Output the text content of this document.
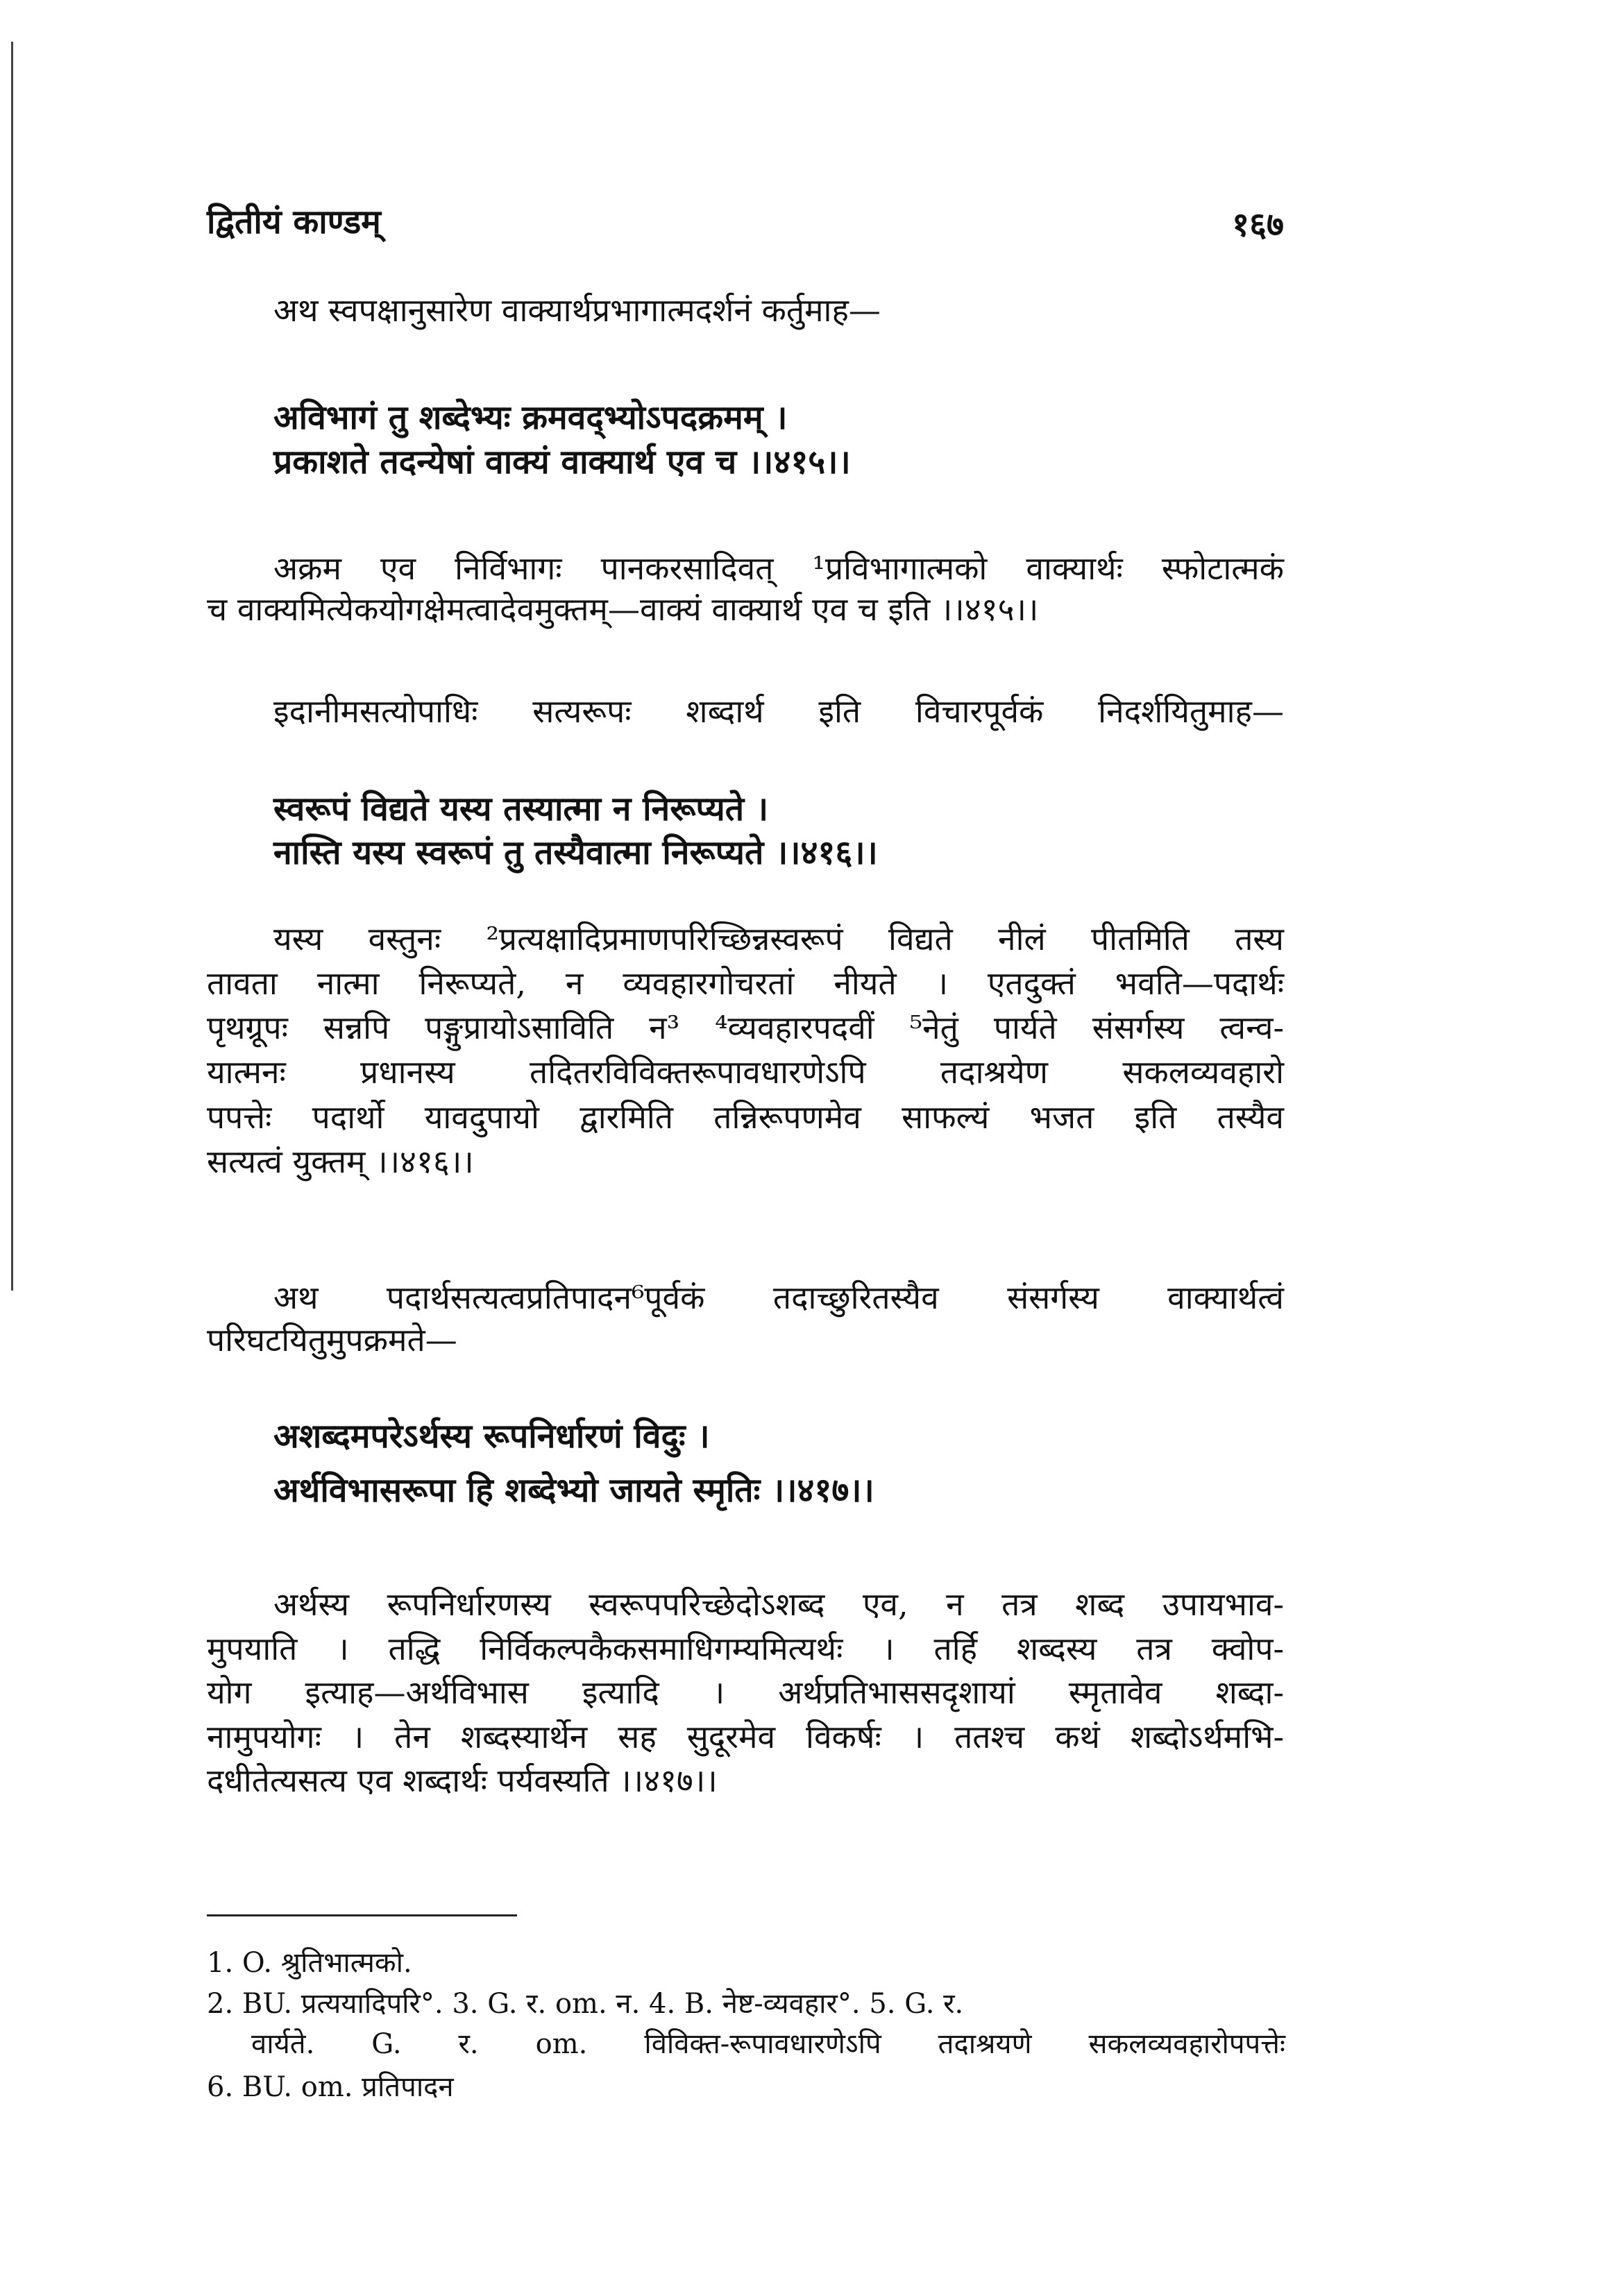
द्वितीयं काण्डम्	१६७
अथ स्वपक्षानुसारेण वाक्यार्थप्रभागात्मदर्शनं कर्तुमाह—
अविभागं तु शब्देभ्यः क्रमवद्भ्योऽपदक्रमम् ।
प्रकाशते तदन्येषां वाक्यं वाक्यार्थ एव च ।।४१५।।
अक्रम एव निर्विभागः पानकरसादिवत् ¹प्रविभागात्मको वाक्यार्थः स्फोटात्मकं
च वाक्यमित्येकयोगक्षेमत्वादेवमुक्तम्—वाक्यं वाक्यार्थ एव च इति ।।४१५।।
इदानीमसत्योपाधिः सत्यरूपः शब्दार्थ इति विचारपूर्वकं निदर्शयितुमाह—
स्वरूपं विद्यते यस्य तस्यात्मा न निरूप्यते ।
नास्ति यस्य स्वरूपं तु तस्यैवात्मा निरूप्यते ।।४१६।।
यस्य वस्तुनः ²प्रत्यक्षादिप्रमाणपरिच्छिन्नस्वरूपं विद्यते नीलं पीतमिति तस्य
तावता नात्मा निरूप्यते, न व्यवहारगोचरतां नीयते । एतदुक्तं भवति—पदार्थः
पृथग्रूपः सन्नपि पङ्गुप्रायोऽसाविति न³ ⁴व्यवहारपदवीं ⁵नेतुं पार्यते संसर्गस्य त्वन्व-
यात्मनः प्रधानस्य तदितरविविक्तरूपावधारणेऽपि तदाश्रयेण सकलव्यवहारो
पपत्तेः पदार्थो यावदुपायो द्वारमिति तन्निरूपणमेव साफल्यं भजत इति तस्यैव
सत्यत्वं युक्तम् ।।४१६।।
अथ पदार्थसत्यत्वप्रतिपादन⁶पूर्वकं तदाच्छुरितस्यैव संसर्गस्य वाक्यार्थत्वं
परिघटयितुमुपक्रमते—
अशब्दमपरेऽर्थस्य रूपनिर्धारणं विदुः ।
अर्थविभासरूपा हि शब्देभ्यो जायते स्मृतिः ।।४१७।।
अर्थस्य रूपनिर्धारणस्य स्वरूपपरिच्छेदोऽशब्द एव, न तत्र शब्द उपायभाव-
मुपयाति । तद्धि निर्विकल्पकैकसमाधिगम्यमित्यर्थः । तर्हि शब्दस्य तत्र क्वोप-
योग इत्याह—अर्थविभास इत्यादि । अर्थप्रतिभाससदृशायां स्मृतावेव शब्दा-
नामुपयोगः । तेन शब्दस्यार्थेन सह सुदूरमेव विकर्षः । ततश्च कथं शब्दोऽर्थमभि-
दधीतेत्यसत्य एव शब्दार्थः पर्यवस्यति ।।४१७।।
1. O. श्रुतिभात्मको.
2. BU. प्रत्ययादिपरि°. 3. G. र. om. न. 4. B. नेष्ट-व्यवहार°. 5. G. र.
वार्यते. G. र. om. विविक्त-रूपावधारणेऽपि तदाश्रयणे सकलव्यवहारोपपत्तेः
6. BU. om. प्रतिपादन
